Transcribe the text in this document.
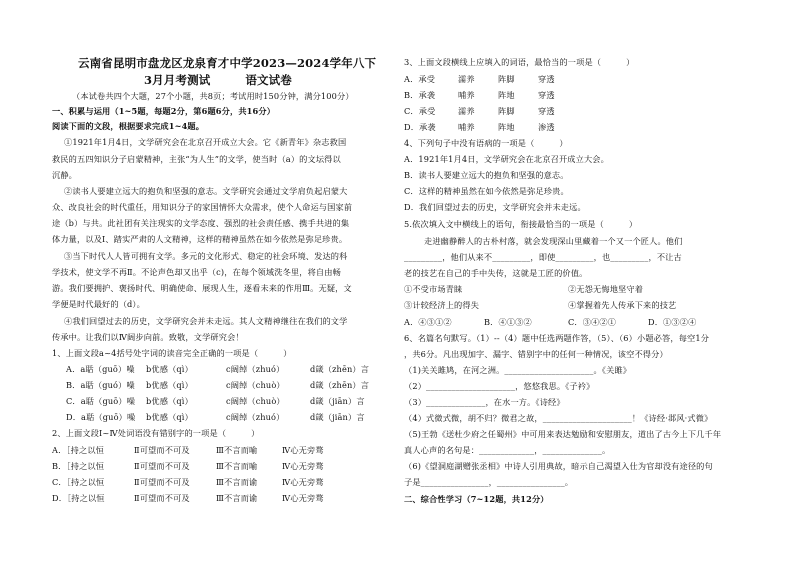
云南省昆明市盘龙区龙泉育才中学2023—2024学年八下
3月月考测试　　　语文试卷
（本试卷共四个大题，27个小题，共8页；考试用时150分钟，满分100分）
一、积累与运用（1~5题，每题2分，第6题6分，共16分）
阅读下面的文段，根据要求完成1~4题。
①1921年1月4日，文学研究会在北京召开成立大会。它《新青年》杂志救国
救民的五四知识分子启蒙精神，主张“为人生”的文学，使当时（a）的文坛得以
沉静。
②读书人要建立远大的抱负和坚强的意志。文学研究会通过文学肩负起启蒙大
众、改良社会的时代重任，用知识分子的家国情怀大众需求，使个人命运与国家前
途（b）与共。此社团有关注现实的文学态度、强烈的社会责任感、携手共进的集
体力量，以及Ⅰ、踏实严肃的人文精神，这样的精神虽然在如今依然是弥足珍贵。
③当下时代人人皆可拥有文学。多元的文化形式、稳定的社会环境、发达的科
学技术，使文学不再Ⅱ。不论声色却又出乎（c)，在每个领域洗冬里，将自由畅
游。我们要拥护、褒扬时代、明确使命、展现人生，逐看未来的作用Ⅲ。无疑，文
学便是时代最好的（d）。
④我们回望过去的历史，文学研究会并未走远。其人文精神继往在我们的文学
传承中。让我们以Ⅳ阔步向前。致敬，文学研究会！
1、上面文段a~4括号处字词的读音完全正确的一项是（　　　）
A．a聒（guō）噪 b优感（qì）	c阔绰（zhuó）	d箴（zhēn）言
B．a聒（guó）噪 b优感（qì）	c阔绰（chuò）	d箴（zhēn）言
C．a聒（guō）噪 b优感（qì）	c阔绰（chuò）	d箴（jiān）言
D．a聒（guō）噪 b优感（qì）	c阔绰（zhuó）	d箴（jiān）言
2、上面文段Ⅰ~Ⅳ处词语没有错别字的一项是（　　　）
A．［持之以恒	Ⅱ可望而不可及	Ⅲ不言而喻	Ⅳ心无旁骛
B．［持之以恒	Ⅱ可望而不可及	Ⅲ不言而喻	Ⅳ心无旁骛
C．［持之以恒	Ⅱ可望而不可及	Ⅲ不言而谕	Ⅳ心无旁骛
D．［持之以恒	Ⅱ可望而不可及	Ⅲ不言而谕	Ⅳ心无旁骛
3、上面文段横线上应填入的词语，最恰当的一项是（　　　）
A．承受	濡养	阵脚	穿透
B．承袭	哺养	阵地	穿透
C．承受	濡养	阵脚	穿透
D．承袭	哺养	阵地	渗透
4、下列句子中没有语病的一项是（　　　）
A．1921年1月4日，文学研究会在北京召开成立大会。
B．读书人要建立远大的抱负和坚强的意志。
C．这样的精神虽然在如今依然是弥足珍贵。
D．我们回望过去的历史，文学研究会并未走远。
5.依次填入文中横线上的语句，衔接最恰当的一项是（　　　）
走进幽静醉人的古朴村落，就会发现深山里藏着一个又一个匠人。他们
_________，他们从来不_________，即使_________，也_________，不让古
老的技艺在自己的手中失传，这就是工匠的价值。
①不受市场青睐	②无怨无悔地坚守着
③计较经济上的得失	④掌握着先人传承下来的技艺
A．④③①②	B．④①③②	C．③④②①	D．①③②④
6、名篇名句默写。（1）--（4）题中任选两题作答，（5）、（6）小题必答，每空1分
，共6分。凡出现加字、漏字、错别字中的任何一种情况，该空不得分）
（1)关关雎鸠，在河之洲。_____________________。《关雎》
（2）_____________________，悠悠我思。《子衿》
（3）______________，在水一方。《诗经》
（4）式微式微，胡不归？微君之故，_____________________！《诗经·邶风·式微》
（5)王勃《送杜少府之任蜀州》中可用来表达勉励和安慰朋友，道出了古今上下几千年
真人心声的名句是：_____________，______________。
（6)《望洞庭湖赠张丞相》中诗人引用典故，暗示自己渴望入仕为官却没有途径的句
子是________________，________________。
二、综合性学习（7~12题，共12分）
